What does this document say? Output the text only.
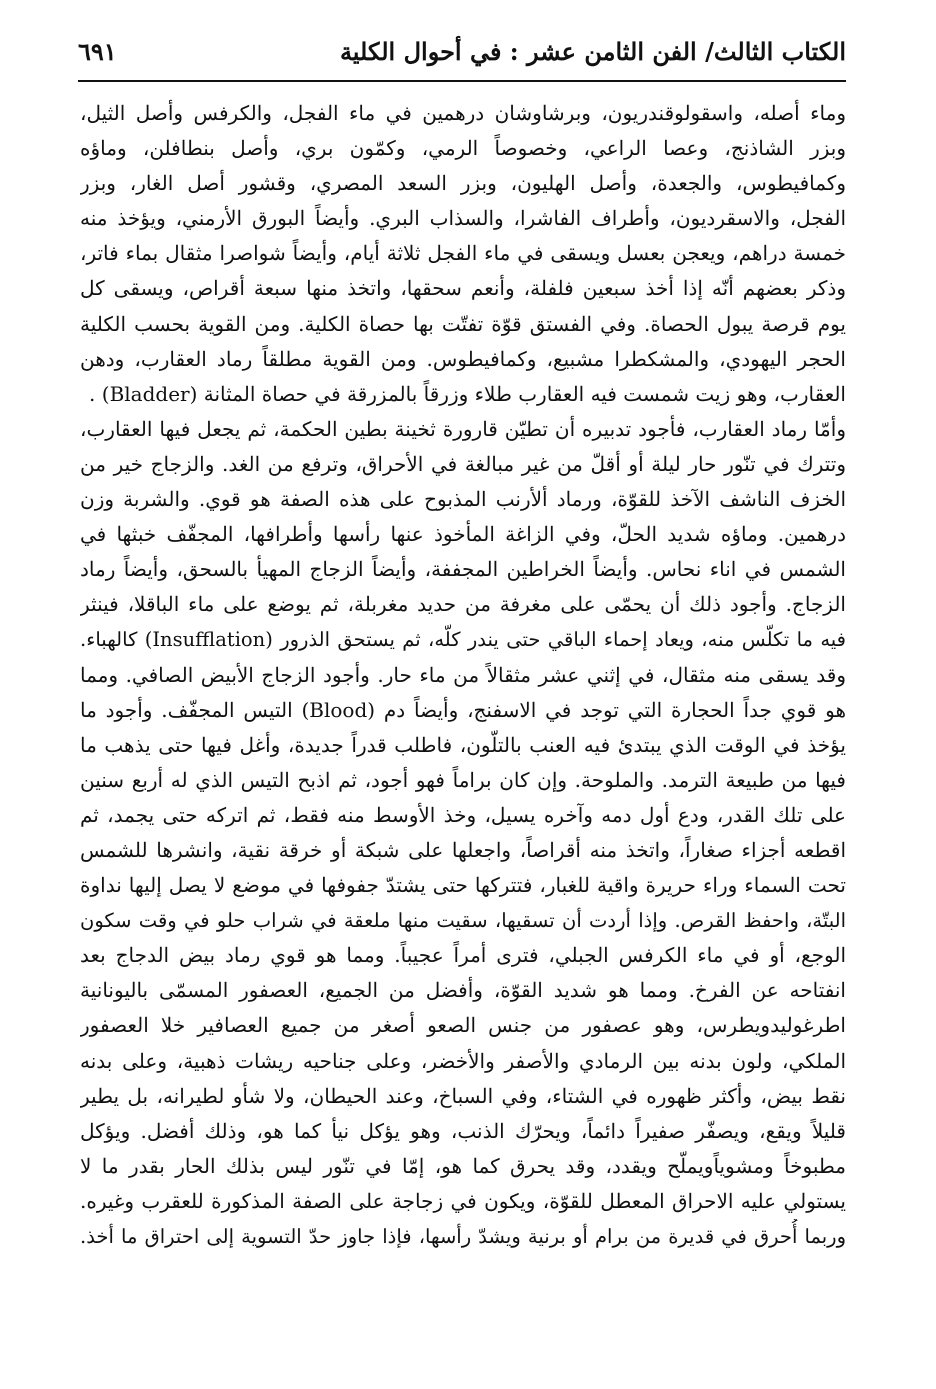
الكتاب الثالث/ الفن الثامن عشر : في أحوال الكلية
٦٩١
وماء أصله، واسقولوقندريون، وبرشاوشان درهمين في ماء الفجل، والكرفس وأصل الثيل،
وبزر الشاذنج، وعصا الراعي، وخصوصاً الرمي، وكمّون بري، وأصل بنطافلن، وماؤه
وكمافيطوس، والجعدة، وأصل الهليون، وبزر السعد المصري، وقشور أصل الغار، وبزر
الفجل، والاسقرديون، وأطراف الفاشرا، والسذاب البري. وأيضاً البورق الأرمني، ويؤخذ منه
خمسة دراهم، ويعجن بعسل ويسقى في ماء الفجل ثلاثة أيام، وأيضاً شواصرا مثقال بماء فاتر،
وذكر بعضهم أنّه إذا أخذ سبعين فلفلة، وأنعم سحقها، واتخذ منها سبعة أقراص، ويسقى كل
يوم قرصة يبول الحصاة. وفي الفستق قوّة تفتّت بها حصاة الكلية. ومن القوية بحسب الكلية
الحجر اليهودي، والمشكطرا مشبيع، وكمافيطوس. ومن القوية مطلقاً رماد العقارب، ودهن
العقارب، وهو زيت شمست فيه العقارب طلاء وزرقاً بالمزرقة في حصاة المثانة (Bladder) .
وأمّا رماد العقارب، فأجود تدبيره أن تطيّن قارورة ثخينة بطين الحكمة، ثم يجعل فيها العقارب،
وتترك في تنّور حار ليلة أو أقلّ من غير مبالغة في الأحراق، وترفع من الغد. والزجاج خير من
الخزف الناشف الآخذ للقوّة، ورماد ألأرنب المذبوح على هذه الصفة هو قوي. والشربة وزن
درهمين. وماؤه شديد الحلّ، وفي الزاغة المأخوذ عنها رأسها وأطرافها، المجفّف خبثها في
الشمس في اناء نحاس. وأيضاً الخراطين المجففة، وأيضاً الزجاج المهيأ بالسحق، وأيضاً رماد
الزجاج. وأجود ذلك أن يحمّى على مغرفة من حديد مغربلة، ثم يوضع على ماء الباقلا، فينثر
فيه ما تكلّس منه، ويعاد إحماء الباقي حتى يندر كلّه، ثم يستحق الذرور (Insufflation) كالهباء.
وقد يسقى منه مثقال، في إثني عشر مثقالاً من ماء حار. وأجود الزجاج الأبيض الصافي. ومما
هو قوي جداً الحجارة التي توجد في الاسفنج، وأيضاً دم (Blood) التيس المجفّف. وأجود ما
يؤخذ في الوقت الذي يبتدئ فيه العنب بالتلّون، فاطلب قدراً جديدة، وأغل فيها حتى يذهب ما
فيها من طبيعة الترمد. والملوحة. وإن كان براماً فهو أجود، ثم اذبح التيس الذي له أربع سنين
على تلك القدر، ودع أول دمه وآخره يسيل، وخذ الأوسط منه فقط، ثم اتركه حتى يجمد، ثم
اقطعه أجزاء صغاراً، واتخذ منه أقراصاً، واجعلها على شبكة أو خرقة نقية، وانشرها للشمس
تحت السماء وراء حريرة واقية للغبار، فتتركها حتى يشتدّ جفوفها في موضع لا يصل إليها نداوة
البتّة، واحفظ القرص. وإذا أردت أن تسقيها، سقيت منها ملعقة في شراب حلو في وقت سكون
الوجع، أو في ماء الكرفس الجبلي، فترى أمراً عجيباً. ومما هو قوي رماد بيض الدجاج بعد
انفتاحه عن الفرخ. ومما هو شديد القوّة، وأفضل من الجميع، العصفور المسمّى باليونانية
اطرغوليدويطرس، وهو عصفور من جنس الصعو أصغر من جميع العصافير خلا العصفور
الملكي، ولون بدنه بين الرمادي والأصفر والأخضر، وعلى جناحيه ريشات ذهبية، وعلى بدنه
نقط بيض، وأكثر ظهوره في الشتاء، وفي السباخ، وعند الحيطان، ولا شأو لطيرانه، بل يطير
قليلاً ويقع، ويصفّر صفيراً دائماً، ويحرّك الذنب، وهو يؤكل نيأ كما هو، وذلك أفضل. ويؤكل
مطبوخاً ومشوياًويملّح ويقدد، وقد يحرق كما هو، إمّا في تنّور ليس بذلك الحار بقدر ما لا
يستولي عليه الاحراق المعطل للقوّة، ويكون في زجاجة على الصفة المذكورة للعقرب وغيره.
وربما أُحرق في قديرة من برام أو برنية ويشدّ رأسها، فإذا جاوز حدّ التسوية إلى احتراق ما أخذ.
